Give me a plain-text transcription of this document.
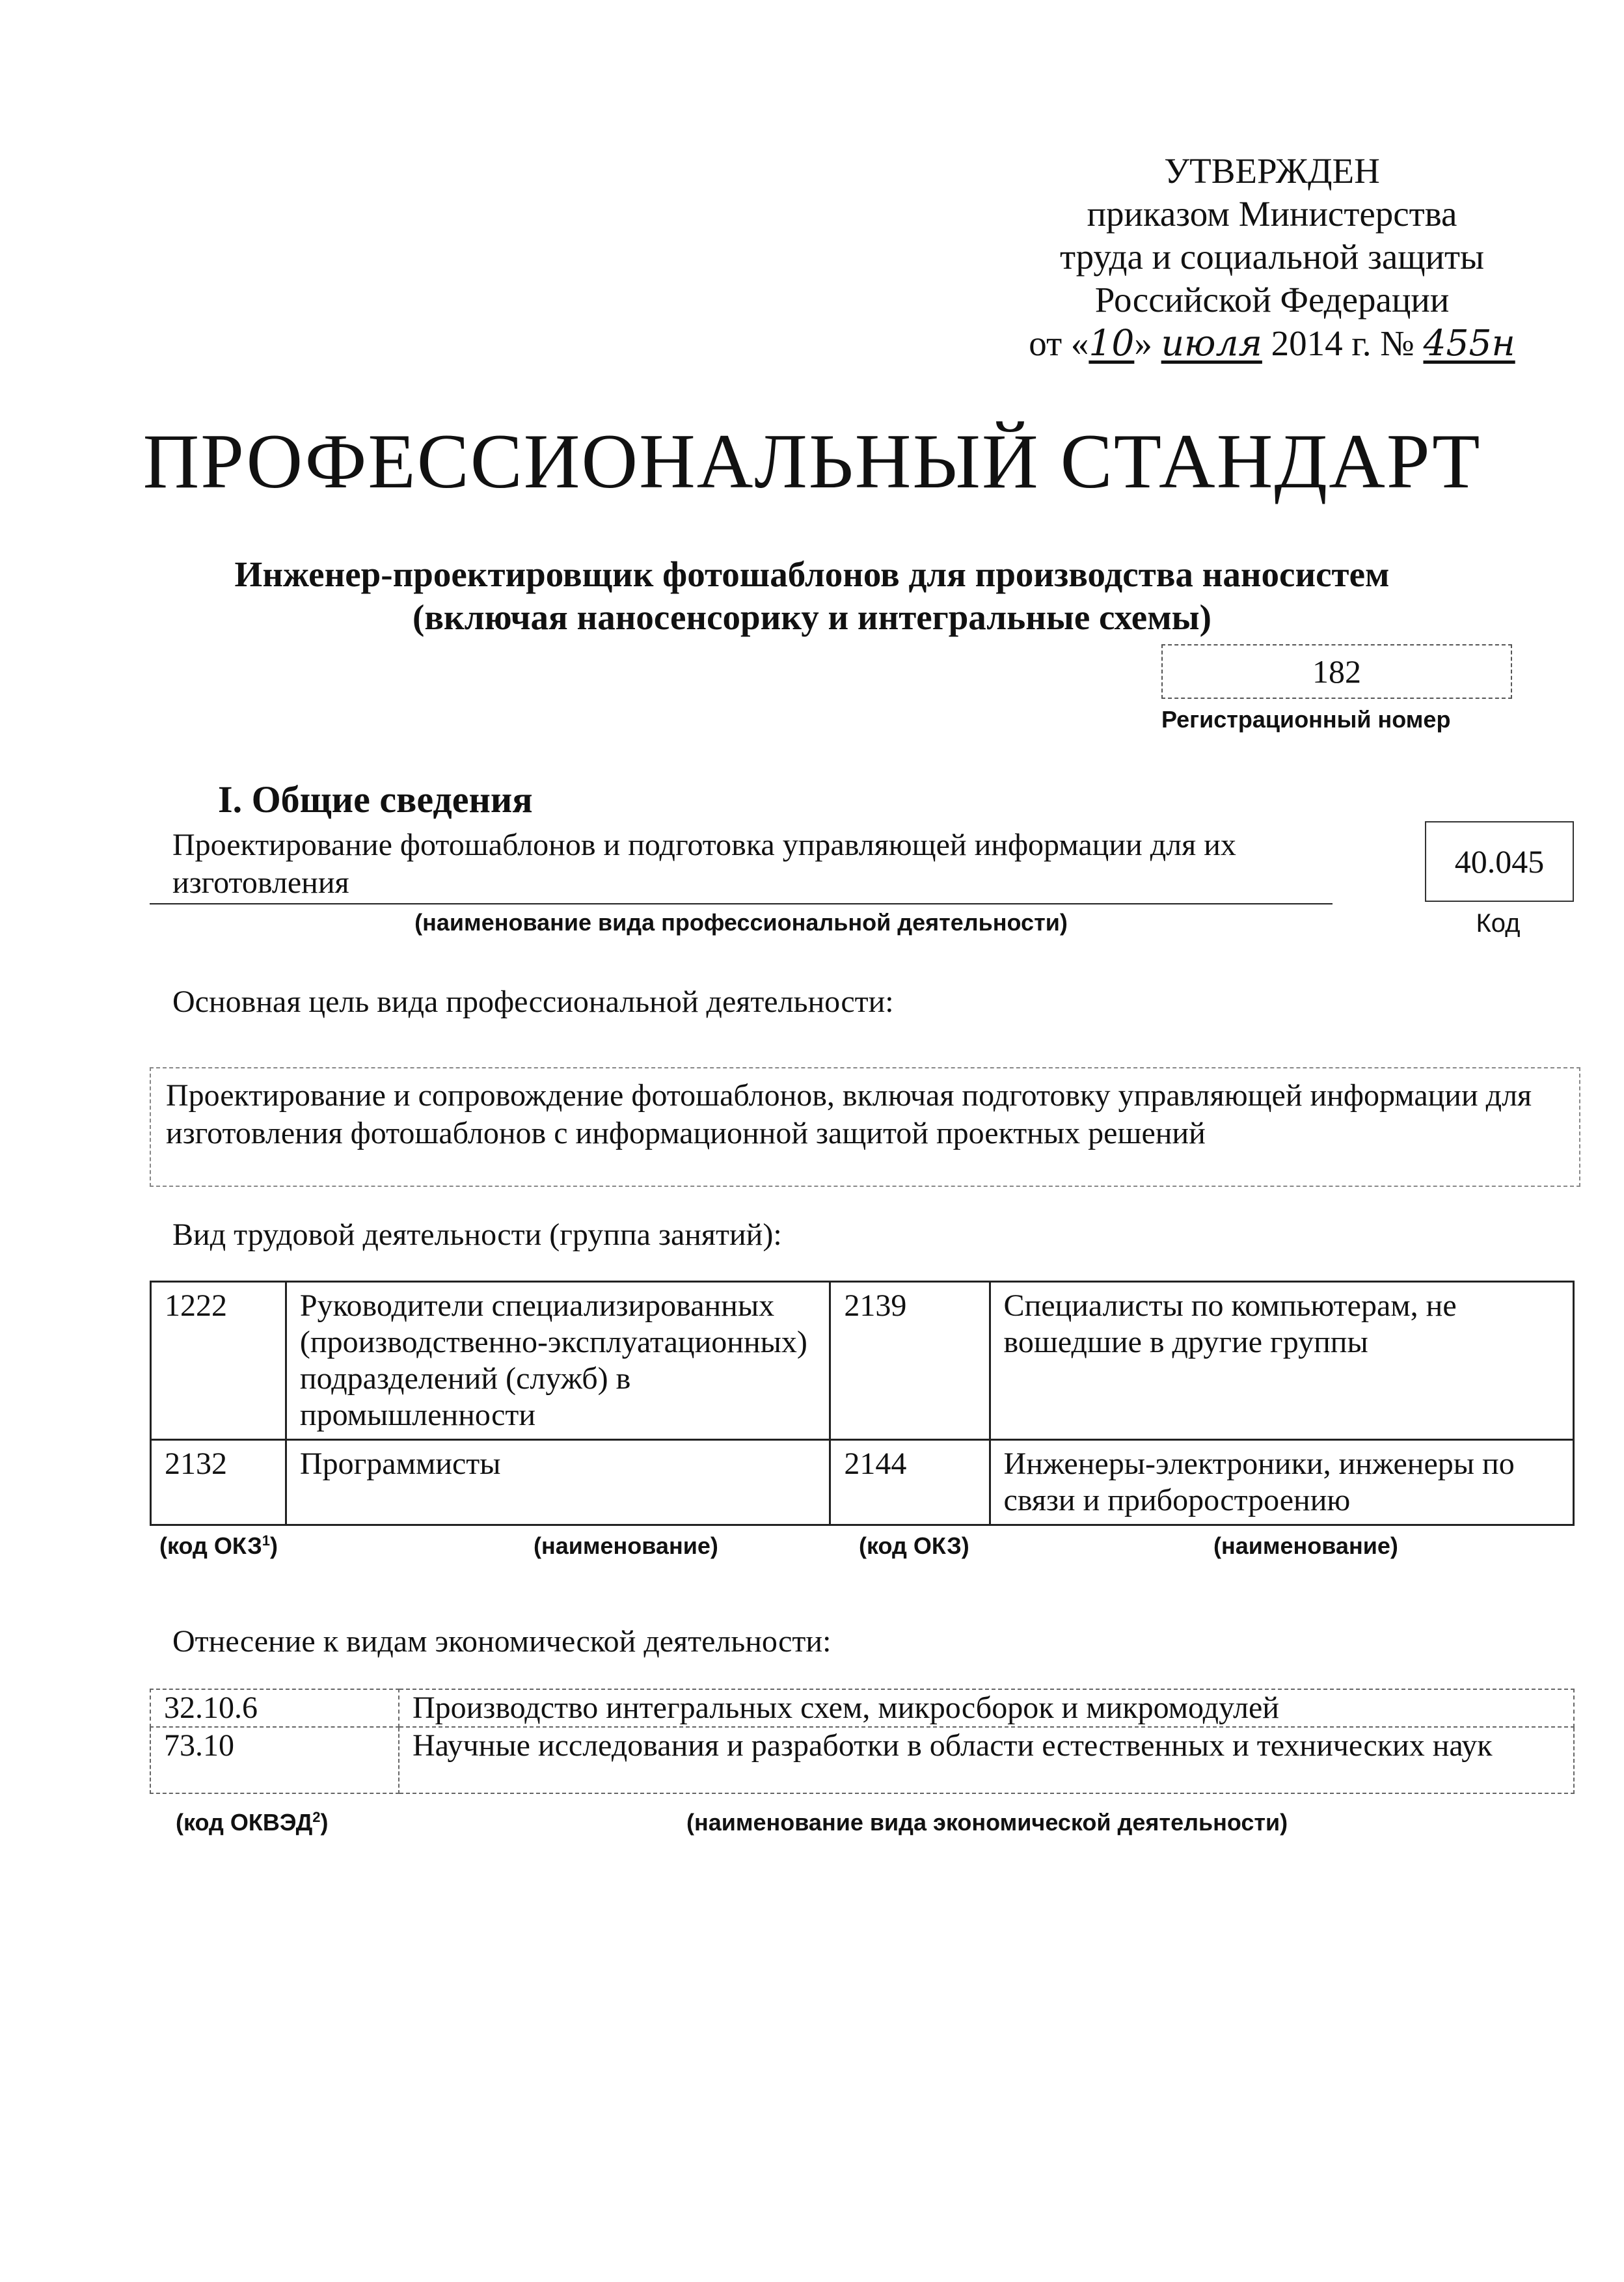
УТВЕРЖДЕН
приказом Министерства
труда и социальной защиты
Российской Федерации
от «10» июля 2014 г. № 455н
ПРОФЕССИОНАЛЬНЫЙ СТАНДАРТ
Инженер-проектировщик фотошаблонов для производства наносистем
(включая наносенсорику и интегральные схемы)
182
Регистрационный номер
I. Общие сведения
Проектирование фотошаблонов и подготовка управляющей информации для их изготовления
(наименование вида профессиональной деятельности)
40.045
Код
Основная цель вида профессиональной деятельности:
Проектирование и сопровождение фотошаблонов, включая подготовку управляющей информации для изготовления фотошаблонов с информационной защитой проектных решений
Вид трудовой деятельности (группа занятий):
1222	Руководители специализированных (производственно-эксплуатационных) подразделений (служб) в промышленности	2139	Специалисты по компьютерам, не вошедшие в другие группы
2132	Программисты	2144	Инженеры-электроники, инженеры по связи и приборостроению
(код ОКЗ$^1$)	(наименование)	(код ОКЗ)	(наименование)
Отнесение к видам экономической деятельности:
32.10.6	Производство интегральных схем, микросборок и микромодулей
73.10	Научные исследования и разработки в области естественных и технических наук
(код ОКВЭД$^2$)	(наименование вида экономической деятельности)
